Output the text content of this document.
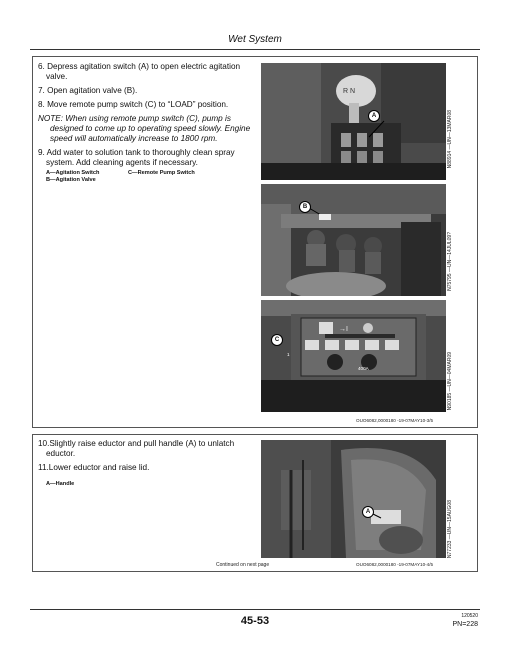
Wet System
6. Depress agitation switch (A) to open electric agitation
valve.
7. Open agitation valve (B).
8. Move remote pump switch (C) to “LOAD” position.
NOTE: When using remote pump switch (C), pump is
designed to come up to operating speed slowly. Engine
speed will automatically increase to 1800 rpm.
9. Add water to solution tank to thoroughly clean spray
system. Add cleaning agents if necessary.
A—Agitation Switch
B—Agitation Valve
C—Remote Pump Switch
R N
A	N88914 —UN—13MAR08
B
N75795 —UN—14JUL09?
→I
C
1
400A	N90185 —UN—04MAR09
OUO6082,0000180 -19-07MAY10-3/5
10.Slightly raise eductor and pull handle (A) to unlatch
eductor.
11.Lower eductor and raise lid.
A—Handle
A	N77233 —UN—15AUG08
Continued on next page	OUO6082,0000180 -19-07MAY10-4/5
45-53	120520
PN=228
